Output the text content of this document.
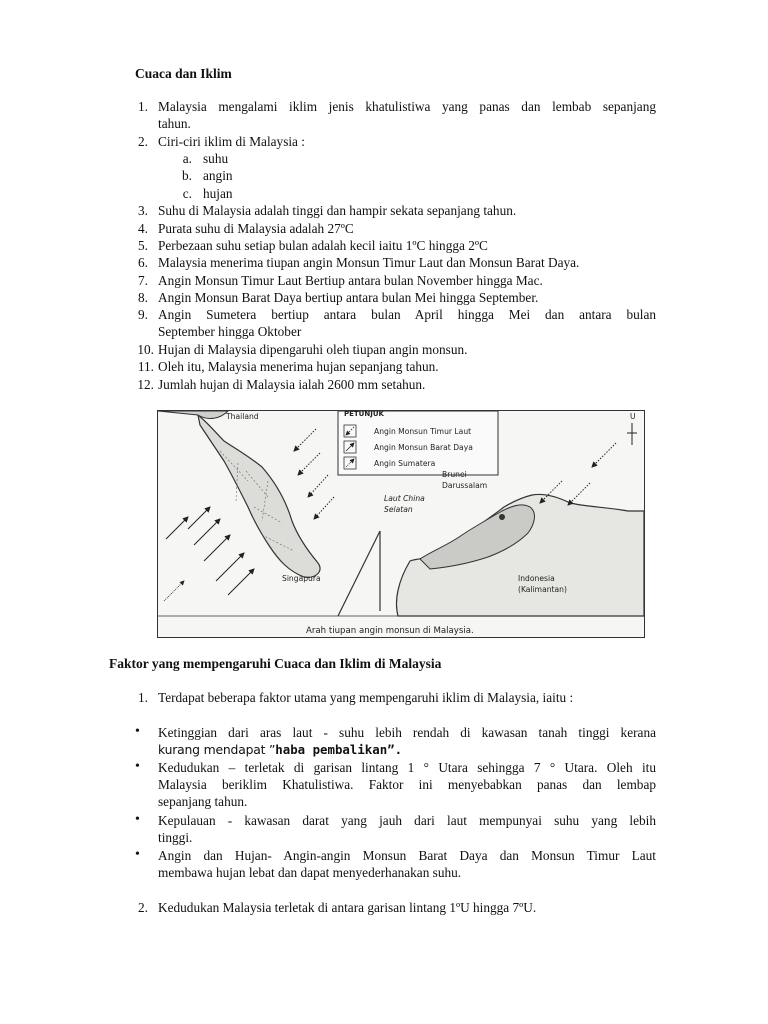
Cuaca dan Iklim
1. Malaysia mengalami iklim jenis khatulistiwa yang panas dan lembab sepanjang
tahun.
2. Ciri-ciri iklim di Malaysia :
a. suhu
b. angin
c. hujan
3. Suhu di Malaysia adalah tinggi dan hampir sekata sepanjang tahun.
4. Purata suhu di Malaysia adalah 27ºC
5. Perbezaan suhu setiap bulan adalah kecil iaitu 1ºC hingga 2ºC
6. Malaysia menerima tiupan angin Monsun Timur Laut dan Monsun Barat Daya.
7. Angin Monsun Timur Laut Bertiup antara bulan November hingga Mac.
8. Angin Monsun Barat Daya bertiup antara bulan Mei hingga September.
9. Angin Sumetera bertiup antara bulan April hingga Mei dan antara bulan
September hingga Oktober
10. Hujan di Malaysia dipengaruhi oleh tiupan angin monsun.
11. Oleh itu, Malaysia menerima hujan sepanjang tahun.
12. Jumlah hujan di Malaysia ialah 2600 mm setahun.
Thailand	PETUNJUK
Angin Monsun Timur Laut
Angin Monsun Barat Daya
Angin Sumatera
U
Laut China
Selatan
Brunei
Darussalam
Singapura	Indonesia
(Kalimantan)
Arah tiupan angin monsun di Malaysia.
Faktor yang mempengaruhi Cuaca dan Iklim di Malaysia
1. Terdapat beberapa faktor utama yang mempengaruhi iklim di Malaysia, iaitu :
• Ketinggian dari aras laut - suhu lebih rendah di kawasan tanah tinggi kerana
kurang mendapat ”haba pembalikan”.
• Kedudukan – terletak di garisan lintang 1 ° Utara sehingga 7 ° Utara. Oleh itu
Malaysia beriklim Khatulistiwa. Faktor ini menyebabkan panas dan lembap
sepanjang tahun.
• Kepulauan - kawasan darat yang jauh dari laut mempunyai suhu yang lebih
tinggi.
• Angin dan Hujan- Angin-angin Monsun Barat Daya dan Monsun Timur Laut
membawa hujan lebat dan dapat menyederhanakan suhu.
2. Kedudukan Malaysia terletak di antara garisan lintang 1ºU hingga 7ºU.
